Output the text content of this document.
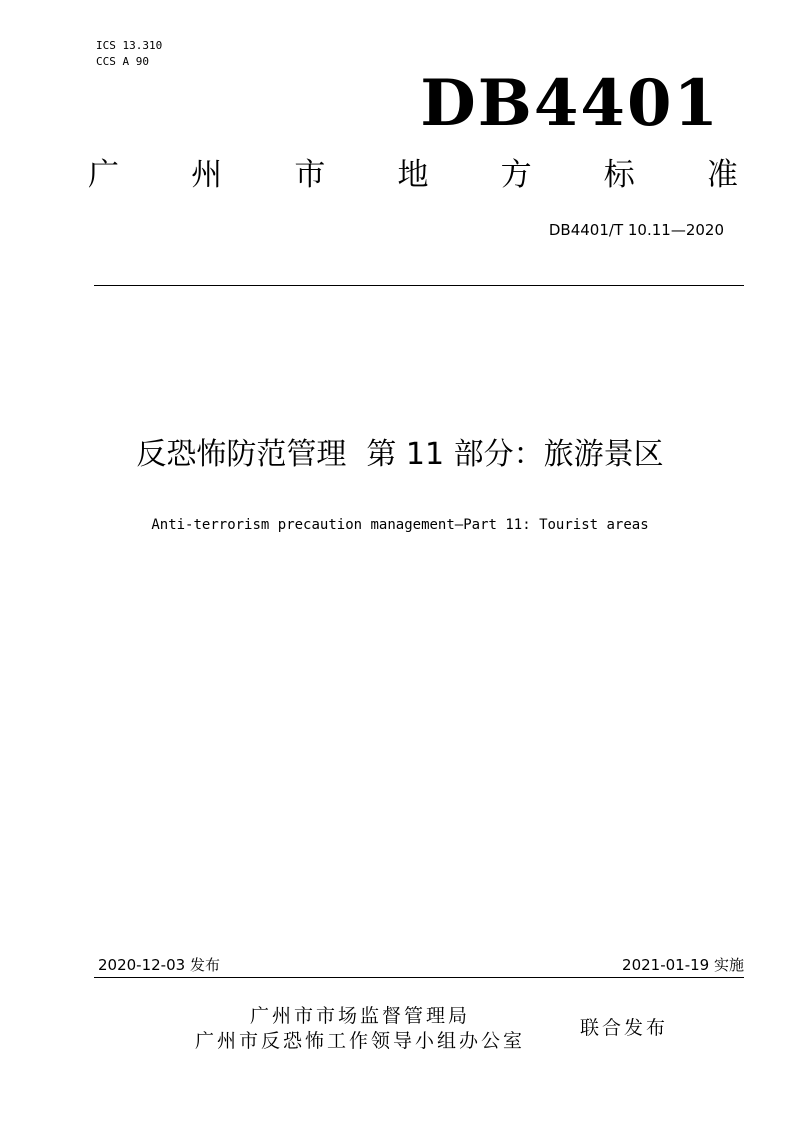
ICS 13.310
CCS A 90
DB4401
广 州 市 地 方 标 准
DB4401/T 10.11—2020
反恐怖防范管理 第 11 部分：旅游景区
Anti-terrorism precaution management—Part 11: Tourist areas
2020-12-03 发布	2021-01-19 实施
广州市市场监督管理局
广州市反恐怖工作领导小组办公室
联合发布
